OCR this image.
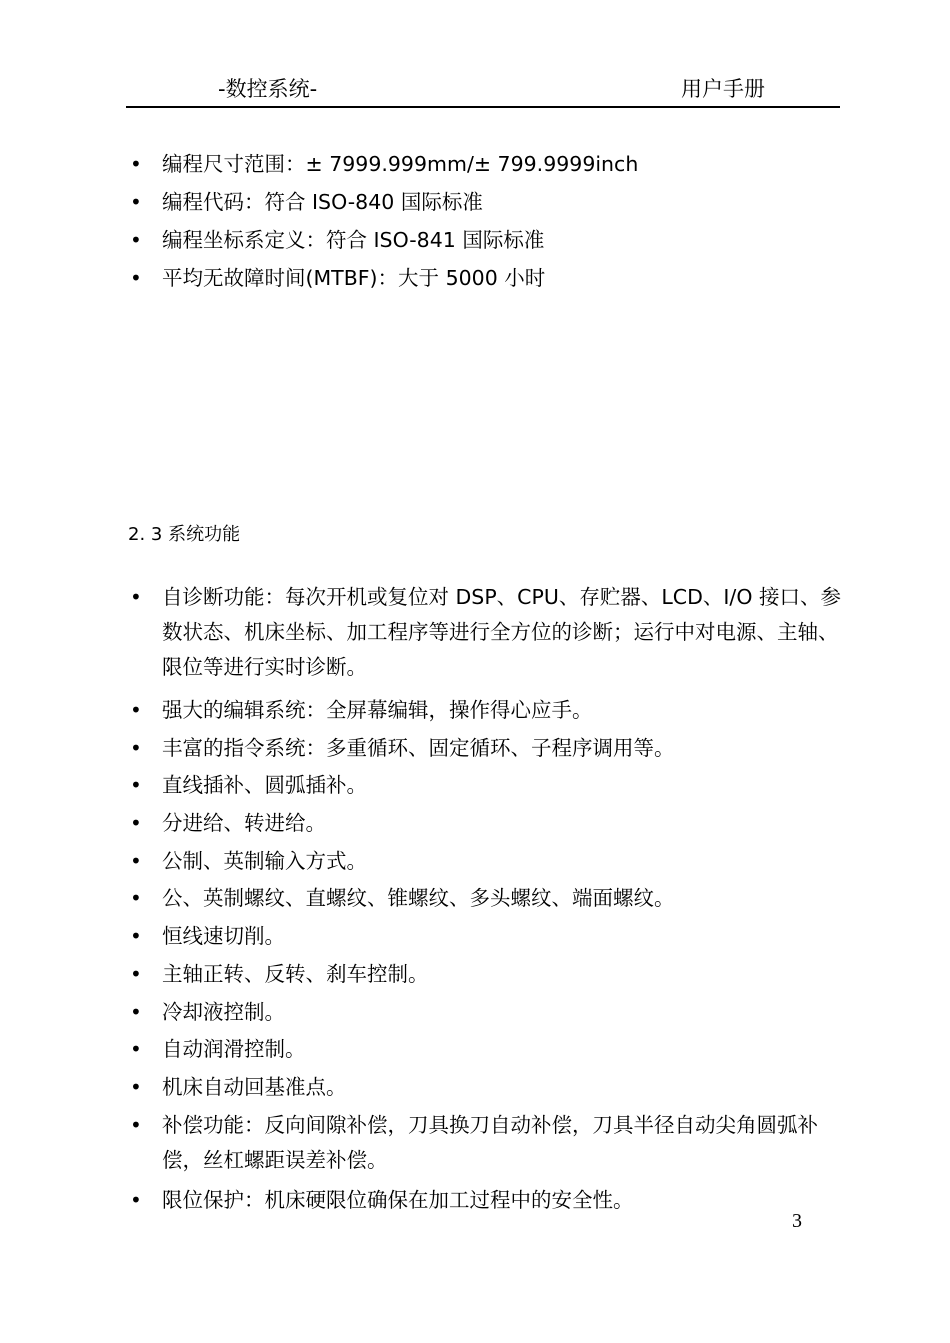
-数控系统-	用户手册
• 编程尺寸范围：± 7999.999mm/± 799.9999inch
• 编程代码：符合 ISO-840 国际标准
• 编程坐标系定义：符合 ISO-841 国际标准
• 平均无故障时间(MTBF)：大于 5000 小时
2. 3 系统功能
• 自诊断功能：每次开机或复位对 DSP、CPU、存贮器、LCD、I/O 接口、参数状态、机床坐标、加工程序等进行全方位的诊断；运行中对电源、主轴、限位等进行实时诊断。
• 强大的编辑系统：全屏幕编辑，操作得心应手。
• 丰富的指令系统：多重循环、固定循环、子程序调用等。
• 直线插补、圆弧插补。
• 分进给、转进给。
• 公制、英制输入方式。
• 公、英制螺纹、直螺纹、锥螺纹、多头螺纹、端面螺纹。
• 恒线速切削。
• 主轴正转、反转、刹车控制。
• 冷却液控制。
• 自动润滑控制。
• 机床自动回基准点。
• 补偿功能：反向间隙补偿，刀具换刀自动补偿，刀具半径自动尖角圆弧补偿，丝杠螺距误差补偿。
• 限位保护：机床硬限位确保在加工过程中的安全性。
3
